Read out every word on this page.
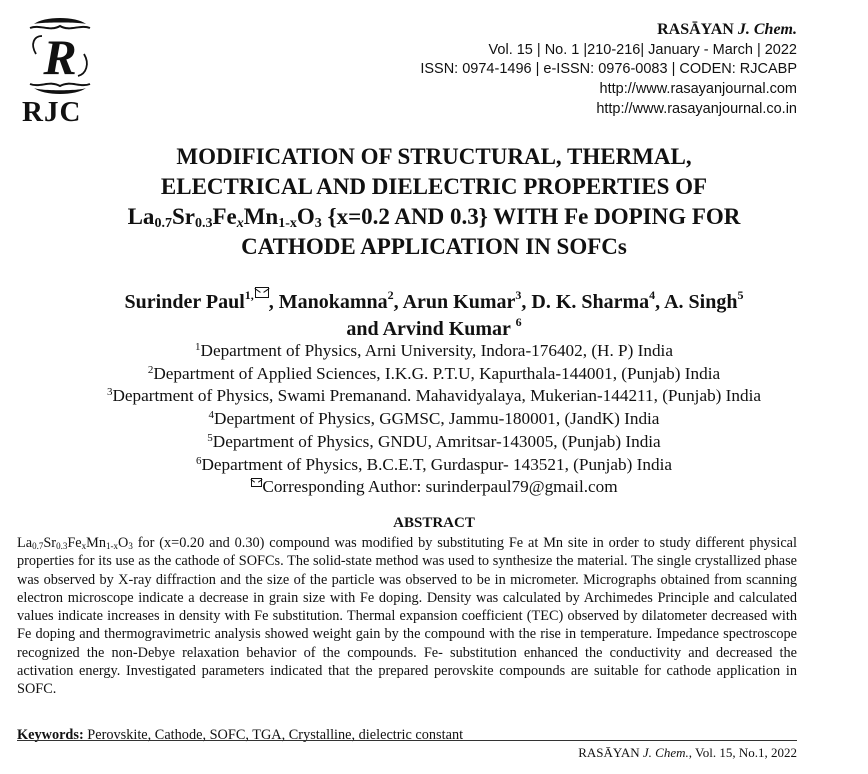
R
RJC
RASĀYAN J. Chem.
Vol. 15 | No. 1 |210-216| January - March | 2022
ISSN: 0974-1496 | e-ISSN: 0976-0083 | CODEN: RJCABP
http://www.rasayanjournal.com
http://www.rasayanjournal.co.in
MODIFICATION OF STRUCTURAL, THERMAL,
ELECTRICAL AND DIELECTRIC PROPERTIES OF
$La_{0.7}Sr_{0.3}Fe_xMn_{1-x}O_3$ {x=0.2 AND 0.3} WITH Fe DOPING FOR
CATHODE APPLICATION IN SOFCs
Surinder Paul$^{1,}$ , Manokamna$^2$, Arun Kumar$^3$, D. K. Sharma$^4$, A. Singh$^5$
and Arvind Kumar $^6$
$^1$Department of Physics, Arni University, Indora-176402, (H. P) India
$^2$Department of Applied Sciences, I.K.G. P.T.U, Kapurthala-144001, (Punjab) India
$^3$Department of Physics, Swami Premanand. Mahavidyalaya, Mukerian-144211, (Punjab) India
$^4$Department of Physics, GGMSC, Jammu-180001, (JandK) India
$^5$Department of Physics, GNDU, Amritsar-143005, (Punjab) India
$^6$Department of Physics, B.C.E.T, Gurdaspur- 143521, (Punjab) India
Corresponding Author: surinderpaul79@gmail.com
ABSTRACT
$La_{0.7}Sr_{0.3}Fe_xMn_{1-x}O_3$ for (x=0.20 and 0.30) compound was modified by substituting Fe at Mn site in order to study different physical properties for its use as the cathode of SOFCs. The solid-state method was used to synthesize the material. The single crystallized phase was observed by X-ray diffraction and the size of the particle was observed to be in micrometer. Micrographs obtained from scanning electron microscope indicate a decrease in grain size with Fe doping. Density was calculated by Archimedes Principle and calculated values indicate increases in density with Fe substitution. Thermal expansion coefficient (TEC) observed by dilatometer decreased with Fe doping and thermogravimetric analysis showed weight gain by the compound with the rise in temperature. Impedance spectroscope recognized the non-Debye relaxation behavior of the compounds. Fe- substitution enhanced the conductivity and decreased the activation energy. Investigated parameters indicated that the prepared perovskite compounds are suitable for cathode application in SOFC.
Keywords: Perovskite, Cathode, SOFC, TGA, Crystalline, dielectric constant
RASĀYAN J. Chem., Vol. 15, No.1, 2022
